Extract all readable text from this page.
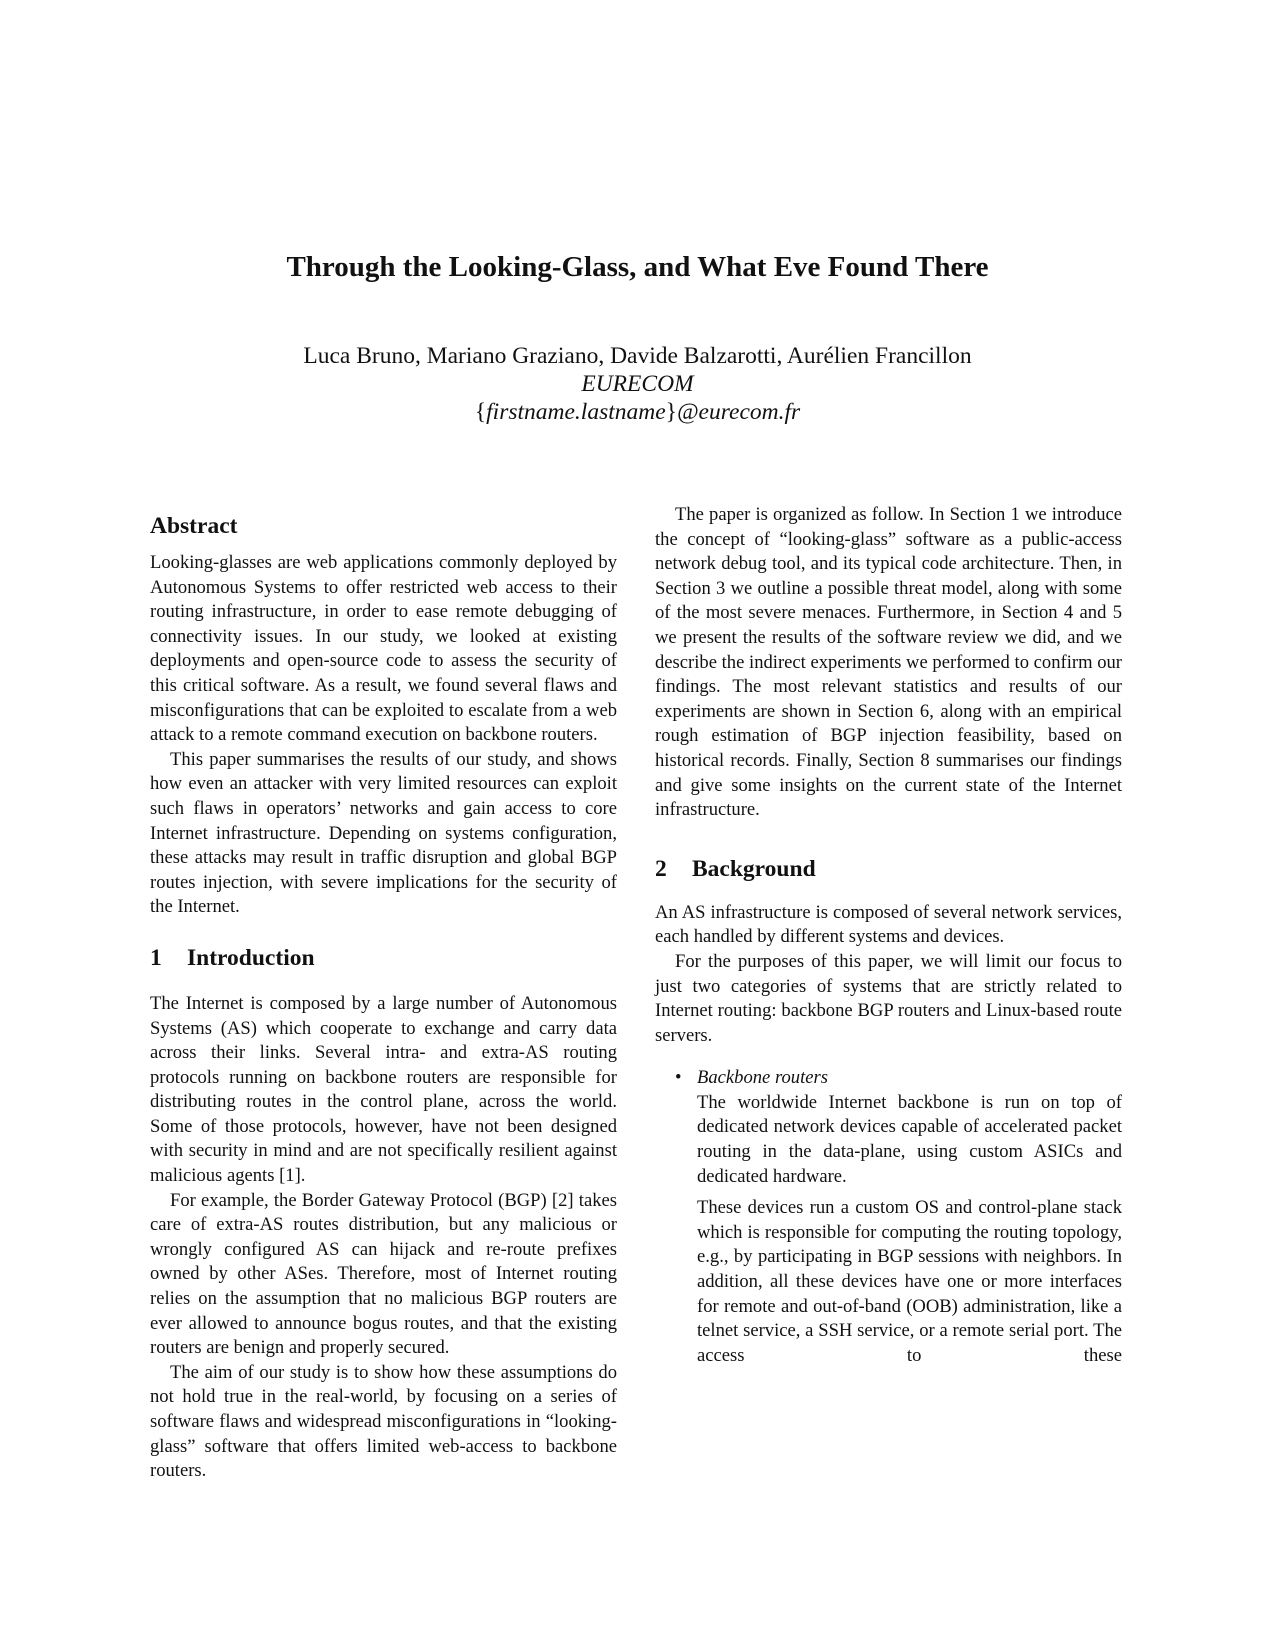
Through the Looking-Glass, and What Eve Found There
Luca Bruno, Mariano Graziano, Davide Balzarotti, Aurélien Francillon
EURECOM
{firstname.lastname}@eurecom.fr
Abstract

Looking-glasses are web applications commonly deployed by Autonomous Systems to offer restricted web access to their routing infrastructure, in order to ease remote debugging of connectivity issues. In our study, we looked at existing deployments and open-source code to assess the security of this critical software. As a result, we found several flaws and misconfigurations that can be exploited to escalate from a web attack to a remote command execution on backbone routers.

This paper summarises the results of our study, and shows how even an attacker with very limited resources can exploit such flaws in operators’ networks and gain access to core Internet infrastructure. Depending on systems configuration, these attacks may result in traffic disruption and global BGP routes injection, with severe implications for the security of the Internet.

1 Introduction

The Internet is composed by a large number of Autonomous Systems (AS) which cooperate to exchange and carry data across their links. Several intra- and extra-AS routing protocols running on backbone routers are responsible for distributing routes in the control plane, across the world. Some of those protocols, however, have not been designed with security in mind and are not specifically resilient against malicious agents [1].

For example, the Border Gateway Protocol (BGP) [2] takes care of extra-AS routes distribution, but any malicious or wrongly configured AS can hijack and re-route prefixes owned by other ASes. Therefore, most of Internet routing relies on the assumption that no malicious BGP routers are ever allowed to announce bogus routes, and that the existing routers are benign and properly secured.

The aim of our study is to show how these assumptions do not hold true in the real-world, by focusing on a series of software flaws and widespread misconfigurations in “looking-glass” software that offers limited web-access to backbone routers.

The paper is organized as follow. In Section 1 we introduce the concept of “looking-glass” software as a public-access network debug tool, and its typical code architecture. Then, in Section 3 we outline a possible threat model, along with some of the most severe menaces. Furthermore, in Section 4 and 5 we present the results of the software review we did, and we describe the indirect experiments we performed to confirm our findings. The most relevant statistics and results of our experiments are shown in Section 6, along with an empirical rough estimation of BGP injection feasibility, based on historical records. Finally, Section 8 summarises our findings and give some insights on the current state of the Internet infrastructure.

2 Background

An AS infrastructure is composed of several network services, each handled by different systems and devices.

For the purposes of this paper, we will limit our focus to just two categories of systems that are strictly related to Internet routing: backbone BGP routers and Linux-based route servers.

• Backbone routers

The worldwide Internet backbone is run on top of dedicated network devices capable of accelerated packet routing in the data-plane, using custom ASICs and dedicated hardware.

These devices run a custom OS and control-plane stack which is responsible for computing the routing topology, e.g., by participating in BGP sessions with neighbors. In addition, all these devices have one or more interfaces for remote and out-of-band (OOB) administration, like a telnet service, a SSH service, or a remote serial port. The access to these
